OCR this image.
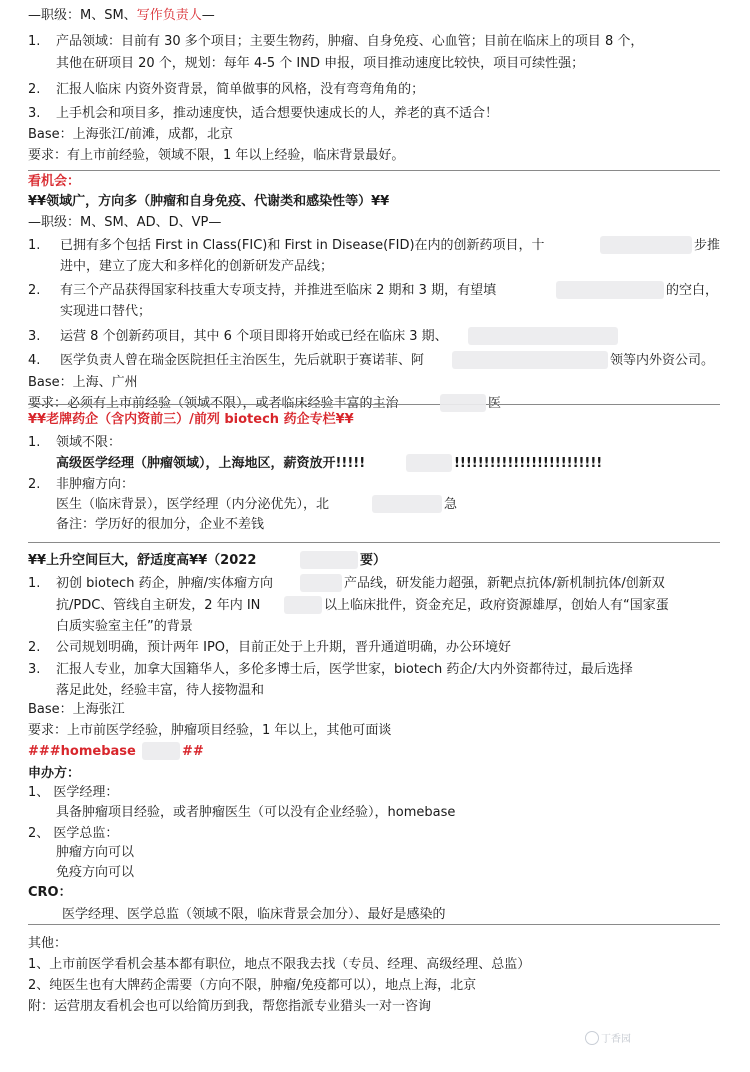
—职级：M、SM、写作负责人—
1. 产品领域：目前有 30 多个项目；主要生物药，肿瘤、自身免疫、心血管；目前在临床上的项目 8 个，
其他在研项目 20 个，规划：每年 4-5 个 IND 申报，项目推动速度比较快，项目可续性强；
2. 汇报人临床 内资外资背景，简单做事的风格，没有弯弯角角的；
3. 上手机会和项目多，推动速度快，适合想要快速成长的人，养老的真不适合！
Base：上海张江/前滩，成都，北京
要求：有上市前经验，领域不限，1 年以上经验，临床背景最好。
看机会：
¥¥领域广，方向多（肿瘤和自身免疫、代谢类和感染性等）¥¥
—职级：M、SM、AD、D、VP—
1. 已拥有多个包括 First in Class(FIC)和 First in Disease(FID)在内的创新药项目，十	步推
进中，建立了庞大和多样化的创新研发产品线；
2. 有三个产品获得国家科技重大专项支持，并推进至临床 2 期和 3 期，有望填	的空白，
实现进口替代；
3. 运营 8 个创新药项目，其中 6 个项目即将开始或已经在临床 3 期、
4. 医学负责人曾在瑞金医院担任主治医生，先后就职于赛诺菲、阿	领等内外资公司。
Base：上海、广州
要求：必须有上市前经验（领域不限），或者临床经验丰富的主治	医
¥¥老牌药企（含内资前三）/前列 biotech 药企专栏¥¥
1. 领域不限：
高级医学经理（肿瘤领域），上海地区，薪资放开!!!!!	!!!!!!!!!!!!!!!!!!!!!!!!!
2. 非肿瘤方向：
医生（临床背景），医学经理（内分泌优先），北	急
备注：学历好的很加分，企业不差钱
¥¥上升空间巨大，舒适度高¥¥（2022	要）
1. 初创 biotech 药企，肿瘤/实体瘤方向	产品线，研发能力超强，新靶点抗体/新机制抗体/创新双
抗/PDC、管线自主研发，2 年内 IN	以上临床批件，资金充足，政府资源雄厚，创始人有“国家蛋
白质实验室主任”的背景
2. 公司规划明确，预计两年 IPO，目前正处于上升期，晋升通道明确，办公环境好
3. 汇报人专业，加拿大国籍华人，多伦多博士后，医学世家，biotech 药企/大内外资都待过，最后选择
落足此处，经验丰富，待人接物温和
Base：上海张江
要求：上市前医学经验，肿瘤项目经验，1 年以上，其他可面谈
###homebase	##
申办方：
1、 医学经理：
具备肿瘤项目经验，或者肿瘤医生（可以没有企业经验），homebase
2、 医学总监：
肿瘤方向可以
免疫方向可以
CRO：
医学经理、医学总监（领域不限，临床背景会加分）、最好是感染的
其他：
1、上市前医学看机会基本都有职位，地点不限我去找（专员、经理、高级经理、总监）
2、纯医生也有大牌药企需要（方向不限，肿瘤/免疫都可以），地点上海，北京
附：运营朋友看机会也可以给简历到我，帮您指派专业猎头一对一咨询
丁香园
